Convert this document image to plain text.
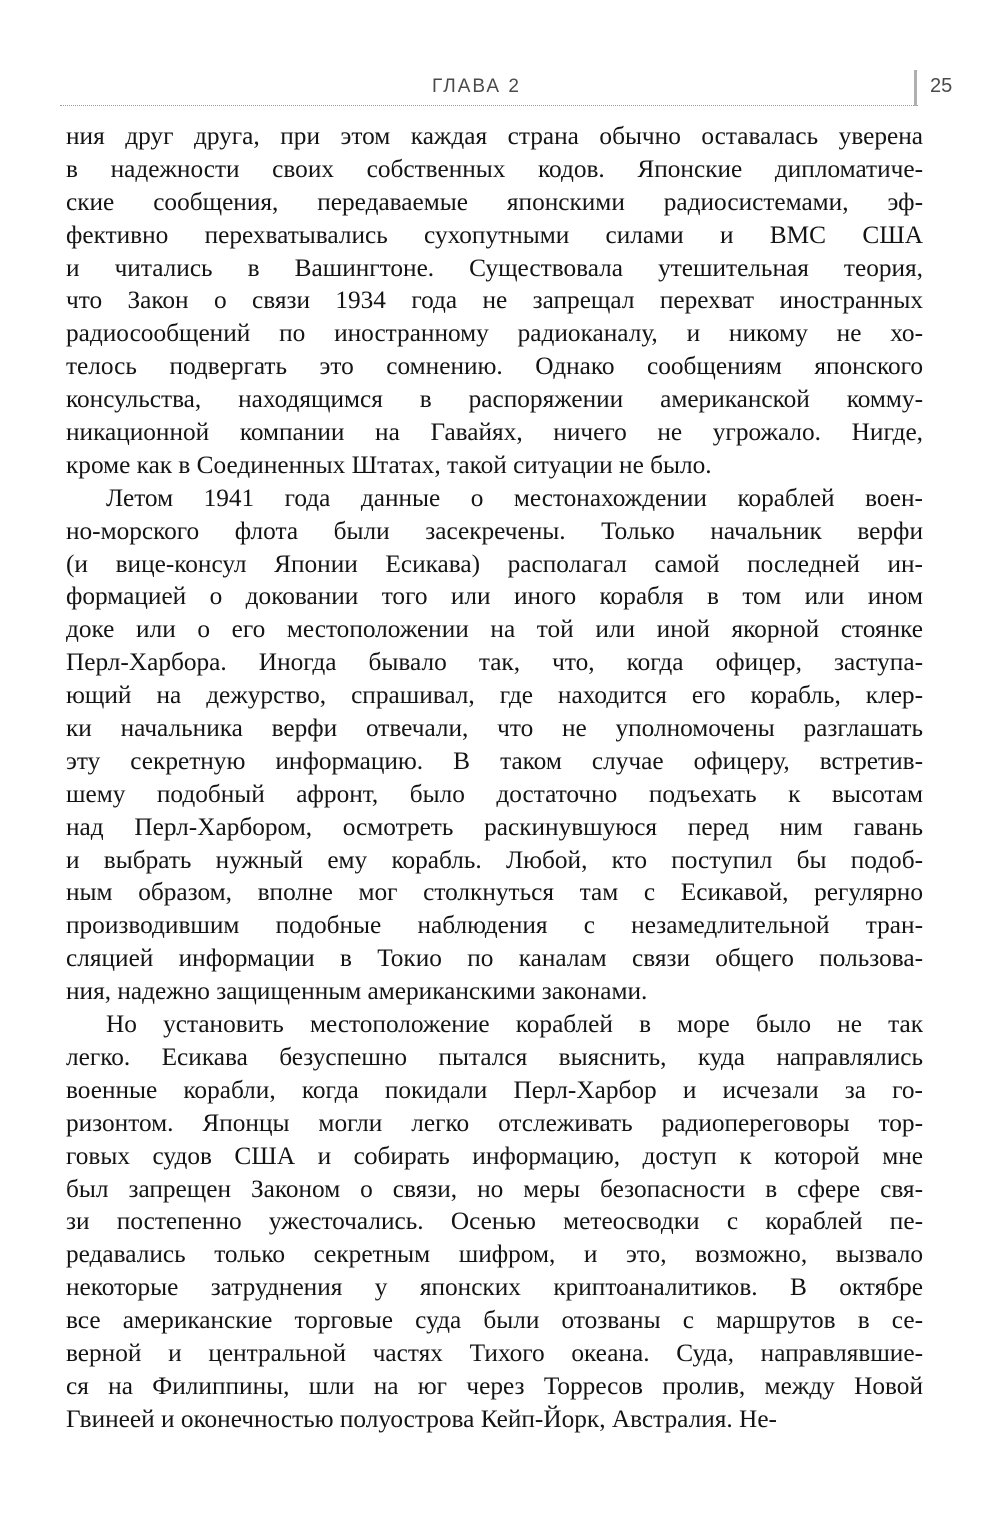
ГЛАВА 2	25
ния друг друга, при этом каждая страна обычно оставалась уверена
в надежности своих собственных кодов. Японские дипломатиче-
ские сообщения, передаваемые японскими радиосистемами, эф-
фективно перехватывались сухопутными силами и ВМС США
и читались в Вашингтоне. Существовала утешительная теория,
что Закон о связи 1934 года не запрещал перехват иностранных
радиосообщений по иностранному радиоканалу, и никому не хо-
телось подвергать это сомнению. Однако сообщениям японского
консульства, находящимся в распоряжении американской комму-
никационной компании на Гавайях, ничего не угрожало. Нигде,
кроме как в Соединенных Штатах, такой ситуации не было.
Летом 1941 года данные о местонахождении кораблей воен-
но-морского флота были засекречены. Только начальник верфи
(и вице-консул Японии Есикава) располагал самой последней ин-
формацией о доковании того или иного корабля в том или ином
доке или о его местоположении на той или иной якорной стоянке
Перл-Харбора. Иногда бывало так, что, когда офицер, заступа-
ющий на дежурство, спрашивал, где находится его корабль, клер-
ки начальника верфи отвечали, что не уполномочены разглашать
эту секретную информацию. В таком случае офицеру, встретив-
шему подобный афронт, было достаточно подъехать к высотам
над Перл-Харбором, осмотреть раскинувшуюся перед ним гавань
и выбрать нужный ему корабль. Любой, кто поступил бы подоб-
ным образом, вполне мог столкнуться там с Есикавой, регулярно
производившим подобные наблюдения с незамедлительной тран-
сляцией информации в Токио по каналам связи общего пользова-
ния, надежно защищенным американскими законами.
Но установить местоположение кораблей в море было не так
легко. Есикава безуспешно пытался выяснить, куда направлялись
военные корабли, когда покидали Перл-Харбор и исчезали за го-
ризонтом. Японцы могли легко отслеживать радиопереговоры тор-
говых судов США и собирать информацию, доступ к которой мне
был запрещен Законом о связи, но меры безопасности в сфере свя-
зи постепенно ужесточались. Осенью метеосводки с кораблей пе-
редавались только секретным шифром, и это, возможно, вызвало
некоторые затруднения у японских криптоаналитиков. В октябре
все американские торговые суда были отозваны с маршрутов в се-
верной и центральной частях Тихого океана. Суда, направлявшие-
ся на Филиппины, шли на юг через Торресов пролив, между Новой
Гвинеей и оконечностью полуострова Кейп-Йорк, Австралия. Не-
